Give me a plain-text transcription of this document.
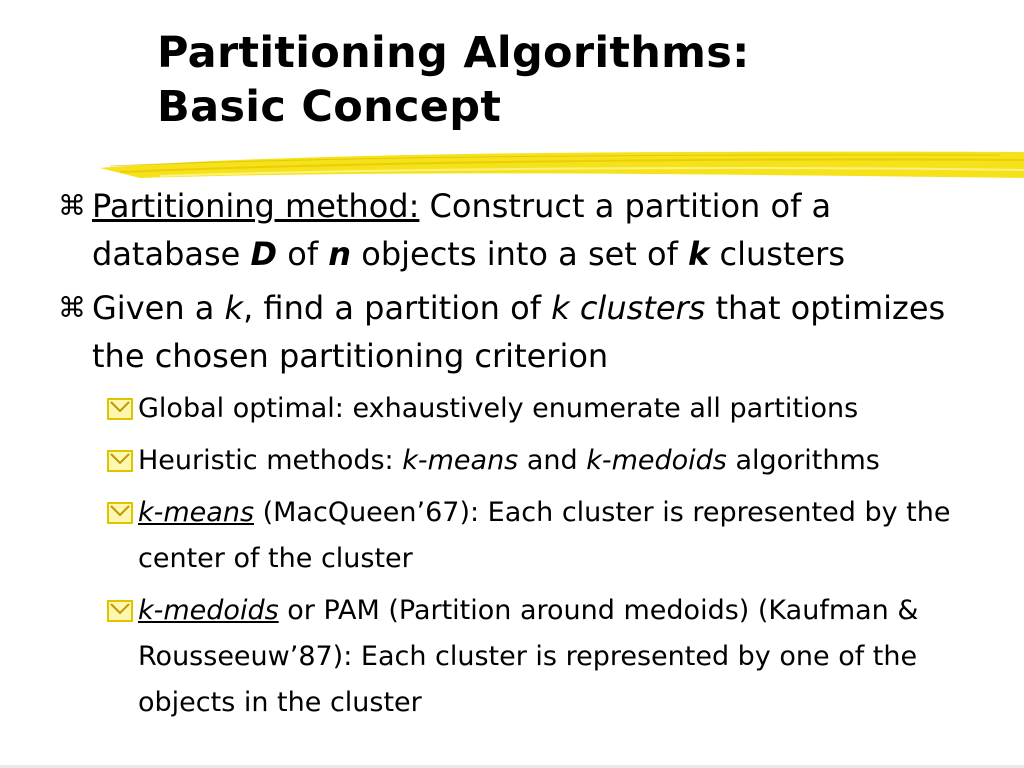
Partitioning Algorithms:
Basic Concept
⌘ Partitioning method: Construct a partition of a database D of n objects into a set of k clusters
⌘ Given a k, find a partition of k clusters that optimizes the chosen partitioning criterion
Global optimal: exhaustively enumerate all partitions
Heuristic methods: k-means and k-medoids algorithms
k-means (MacQueen’67): Each cluster is represented by the center of the cluster
k-medoids or PAM (Partition around medoids) (Kaufman & Rousseeuw’87): Each cluster is represented by one of the objects in the cluster
